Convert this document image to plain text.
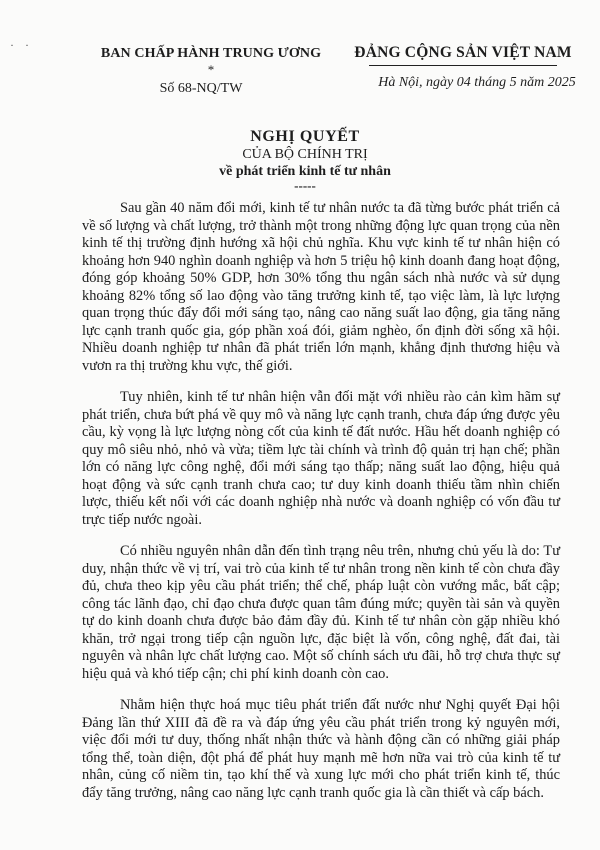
· ·
BAN CHẤP HÀNH TRUNG ƯƠNG
*
Số 68-NQ/TW
ĐẢNG CỘNG SẢN VIỆT NAM
Hà Nội, ngày 04 tháng 5 năm 2025
NGHỊ QUYẾT
CỦA BỘ CHÍNH TRỊ
về phát triển kinh tế tư nhân
-----

Sau gần 40 năm đổi mới, kinh tế tư nhân nước ta đã từng bước phát triển cả về số lượng và chất lượng, trở thành một trong những động lực quan trọng của nền kinh tế thị trường định hướng xã hội chủ nghĩa. Khu vực kinh tế tư nhân hiện có khoảng hơn 940 nghìn doanh nghiệp và hơn 5 triệu hộ kinh doanh đang hoạt động, đóng góp khoảng 50% GDP, hơn 30% tổng thu ngân sách nhà nước và sử dụng khoảng 82% tổng số lao động vào tăng trưởng kinh tế, tạo việc làm, là lực lượng quan trọng thúc đẩy đổi mới sáng tạo, nâng cao năng suất lao động, gia tăng năng lực cạnh tranh quốc gia, góp phần xoá đói, giảm nghèo, ổn định đời sống xã hội. Nhiều doanh nghiệp tư nhân đã phát triển lớn mạnh, khẳng định thương hiệu và vươn ra thị trường khu vực, thế giới.

Tuy nhiên, kinh tế tư nhân hiện vẫn đối mặt với nhiều rào cản kìm hãm sự phát triển, chưa bứt phá về quy mô và năng lực cạnh tranh, chưa đáp ứng được yêu cầu, kỳ vọng là lực lượng nòng cốt của kinh tế đất nước. Hầu hết doanh nghiệp có quy mô siêu nhỏ, nhỏ và vừa; tiềm lực tài chính và trình độ quản trị hạn chế; phần lớn có năng lực công nghệ, đổi mới sáng tạo thấp; năng suất lao động, hiệu quả hoạt động và sức cạnh tranh chưa cao; tư duy kinh doanh thiếu tầm nhìn chiến lược, thiếu kết nối với các doanh nghiệp nhà nước và doanh nghiệp có vốn đầu tư trực tiếp nước ngoài.

Có nhiều nguyên nhân dẫn đến tình trạng nêu trên, nhưng chủ yếu là do: Tư duy, nhận thức về vị trí, vai trò của kinh tế tư nhân trong nền kinh tế còn chưa đầy đủ, chưa theo kịp yêu cầu phát triển; thể chế, pháp luật còn vướng mắc, bất cập; công tác lãnh đạo, chỉ đạo chưa được quan tâm đúng mức; quyền tài sản và quyền tự do kinh doanh chưa được bảo đảm đầy đủ. Kinh tế tư nhân còn gặp nhiều khó khăn, trở ngại trong tiếp cận nguồn lực, đặc biệt là vốn, công nghệ, đất đai, tài nguyên và nhân lực chất lượng cao. Một số chính sách ưu đãi, hỗ trợ chưa thực sự hiệu quả và khó tiếp cận; chi phí kinh doanh còn cao.

Nhằm hiện thực hoá mục tiêu phát triển đất nước như Nghị quyết Đại hội Đảng lần thứ XIII đã đề ra và đáp ứng yêu cầu phát triển trong kỷ nguyên mới, việc đổi mới tư duy, thống nhất nhận thức và hành động cần có những giải pháp tổng thể, toàn diện, đột phá để phát huy mạnh mẽ hơn nữa vai trò của kinh tế tư nhân, củng cố niềm tin, tạo khí thế và xung lực mới cho phát triển kinh tế, thúc đẩy tăng trưởng, nâng cao năng lực cạnh tranh quốc gia là cần thiết và cấp bách.
